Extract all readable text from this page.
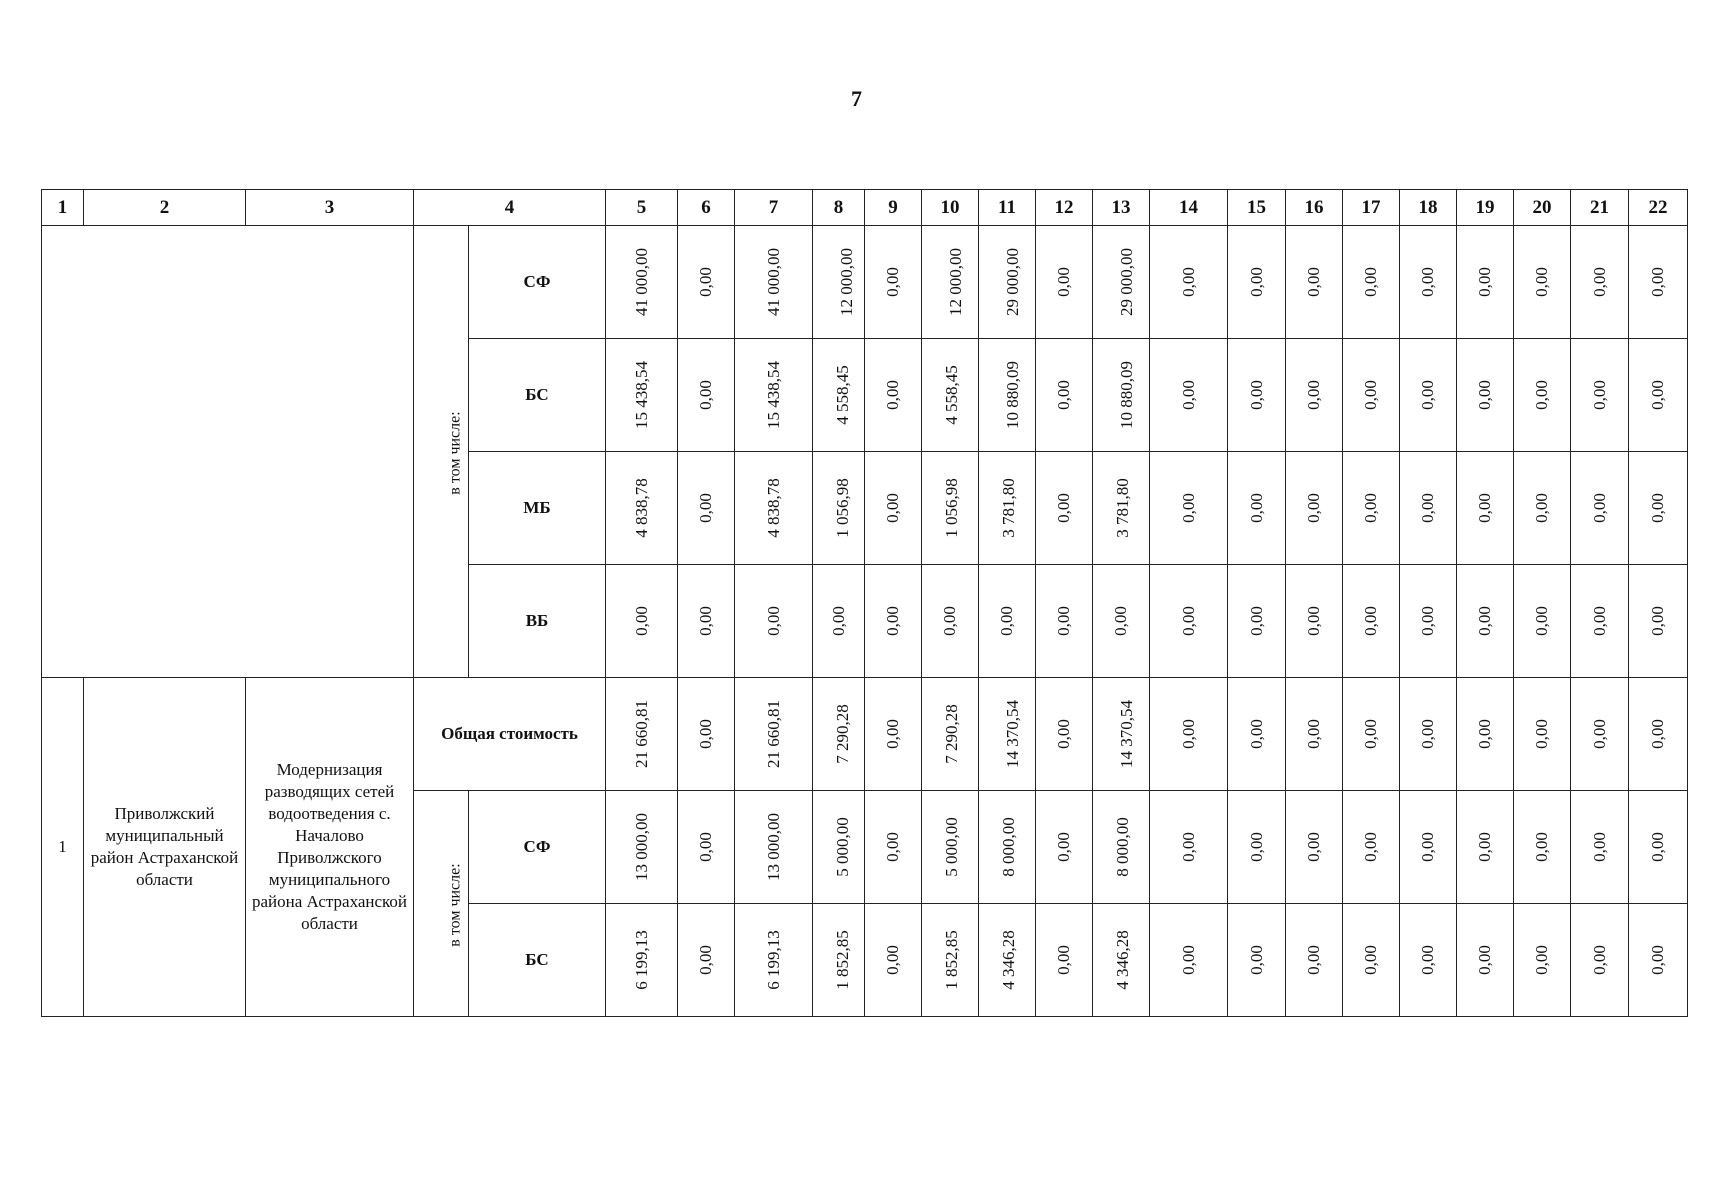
7
1	2	3	4		5	6	7	8	9	10	11	12	13	14	15	16	17	18	19	20	21	22
			в том числе:	СФ	41 000,00	0,00	41 000,00	12 000,00	0,00	12 000,00	29 000,00	0,00	29 000,00	0,00	0,00	0,00	0,00	0,00	0,00	0,00	0,00	0,00
				БС	15 438,54	0,00	15 438,54	4 558,45	0,00	4 558,45	10 880,09	0,00	10 880,09	0,00	0,00	0,00	0,00	0,00	0,00	0,00	0,00	0,00
				МБ	4 838,78	0,00	4 838,78	1 056,98	0,00	1 056,98	3 781,80	0,00	3 781,80	0,00	0,00	0,00	0,00	0,00	0,00	0,00	0,00	0,00
				ВБ	0,00	0,00	0,00	0,00	0,00	0,00	0,00	0,00	0,00	0,00	0,00	0,00	0,00	0,00	0,00	0,00	0,00	0,00
1	Приволжский муниципальный район Астраханской области	Модернизация разводящих сетей водоотведения с. Началово Приволжского муниципального района Астраханской области	Общая стоимость		21 660,81	0,00	21 660,81	7 290,28	0,00	7 290,28	14 370,54	0,00	14 370,54	0,00	0,00	0,00	0,00	0,00	0,00	0,00	0,00	0,00
			в том числе:	СФ	13 000,00	0,00	13 000,00	5 000,00	0,00	5 000,00	8 000,00	0,00	8 000,00	0,00	0,00	0,00	0,00	0,00	0,00	0,00	0,00	0,00
				БС	6 199,13	0,00	6 199,13	1 852,85	0,00	1 852,85	4 346,28	0,00	4 346,28	0,00	0,00	0,00	0,00	0,00	0,00	0,00	0,00	0,00
